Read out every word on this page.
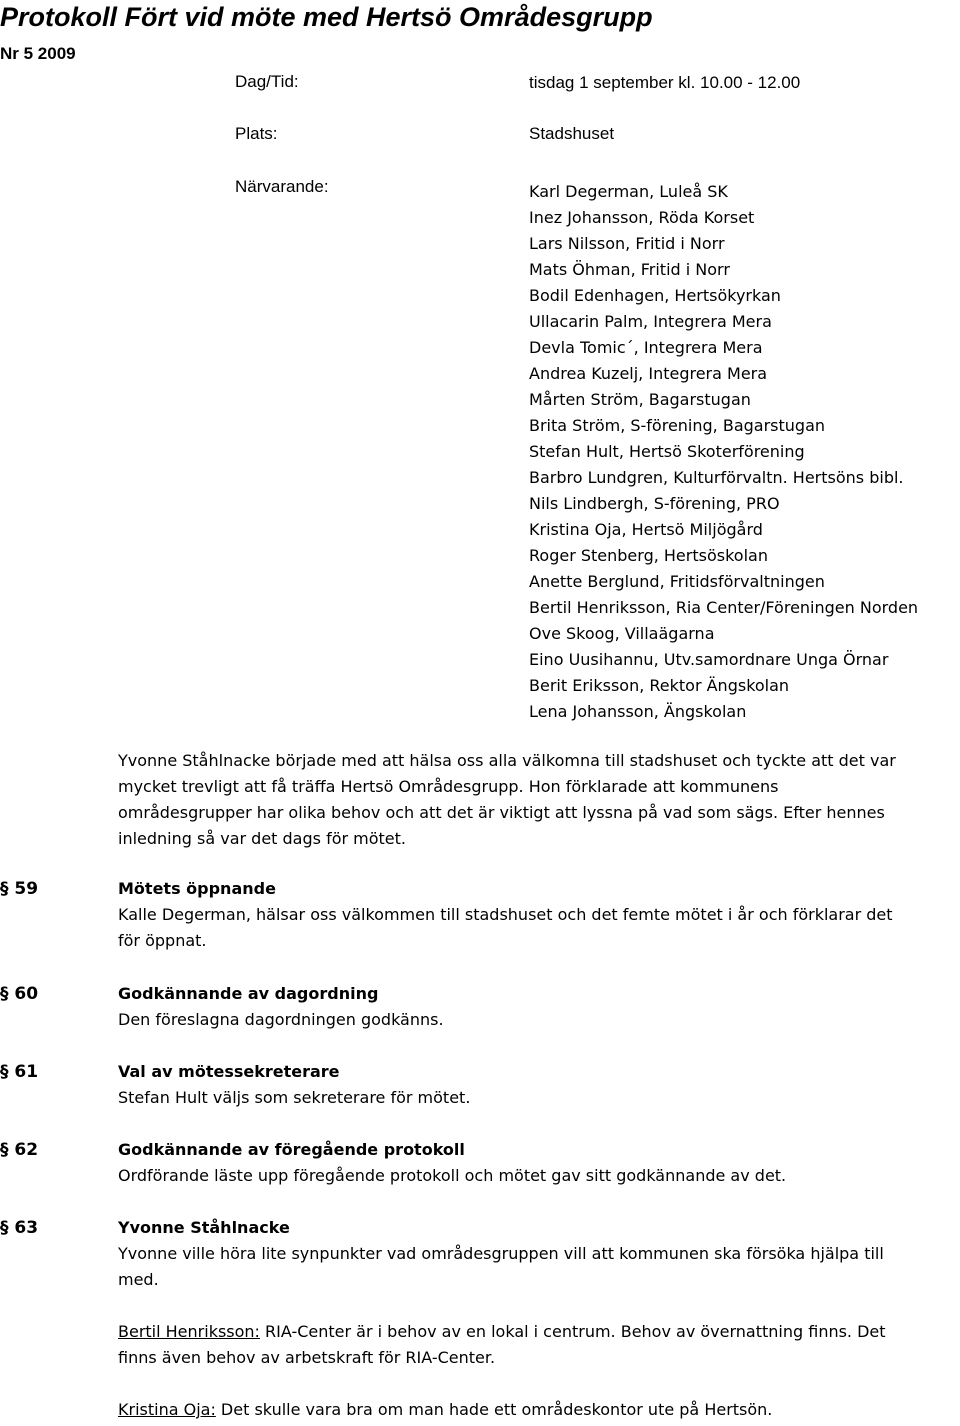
Protokoll Fört vid möte med Hertsö Områdesgrupp
Nr 5 2009
Dag/Tid:	tisdag 1 september kl. 10.00 - 12.00
Plats:	Stadshuset
Närvarande:	Karl Degerman, Luleå SK
Inez Johansson, Röda Korset
Lars Nilsson, Fritid i Norr
Mats Öhman, Fritid i Norr
Bodil Edenhagen, Hertsökyrkan
Ullacarin Palm, Integrera Mera
Devla Tomic´, Integrera Mera
Andrea Kuzelj, Integrera Mera
Mårten Ström, Bagarstugan
Brita Ström, S-förening, Bagarstugan
Stefan Hult, Hertsö Skoterförening
Barbro Lundgren, Kulturförvaltn. Hertsöns bibl.
Nils Lindbergh, S-förening, PRO
Kristina Oja, Hertsö Miljögård
Roger Stenberg, Hertsöskolan
Anette Berglund, Fritidsförvaltningen
Bertil Henriksson, Ria Center/Föreningen Norden
Ove Skoog, Villaägarna
Eino Uusihannu, Utv.samordnare Unga Örnar
Berit Eriksson, Rektor Ängskolan
Lena Johansson, Ängskolan
Yvonne Ståhlnacke började med att hälsa oss alla välkomna till stadshuset och tyckte att det var
mycket trevligt att få träffa Hertsö Områdesgrupp. Hon förklarade att kommunens
områdesgrupper har olika behov och att det är viktigt att lyssna på vad som sägs. Efter hennes
inledning så var det dags för mötet.
§ 59	Mötets öppnande
Kalle Degerman, hälsar oss välkommen till stadshuset och det femte mötet i år och förklarar det
för öppnat.
§ 60	Godkännande av dagordning
Den föreslagna dagordningen godkänns.
§ 61	Val av mötessekreterare
Stefan Hult väljs som sekreterare för mötet.
§ 62	Godkännande av föregående protokoll
Ordförande läste upp föregående protokoll och mötet gav sitt godkännande av det.
§ 63	Yvonne Ståhlnacke
Yvonne ville höra lite synpunkter vad områdesgruppen vill att kommunen ska försöka hjälpa till
med.
Bertil Henriksson: RIA-Center är i behov av en lokal i centrum. Behov av övernattning finns. Det
finns även behov av arbetskraft för RIA-Center.
Kristina Oja: Det skulle vara bra om man hade ett områdeskontor ute på Hertsön.
